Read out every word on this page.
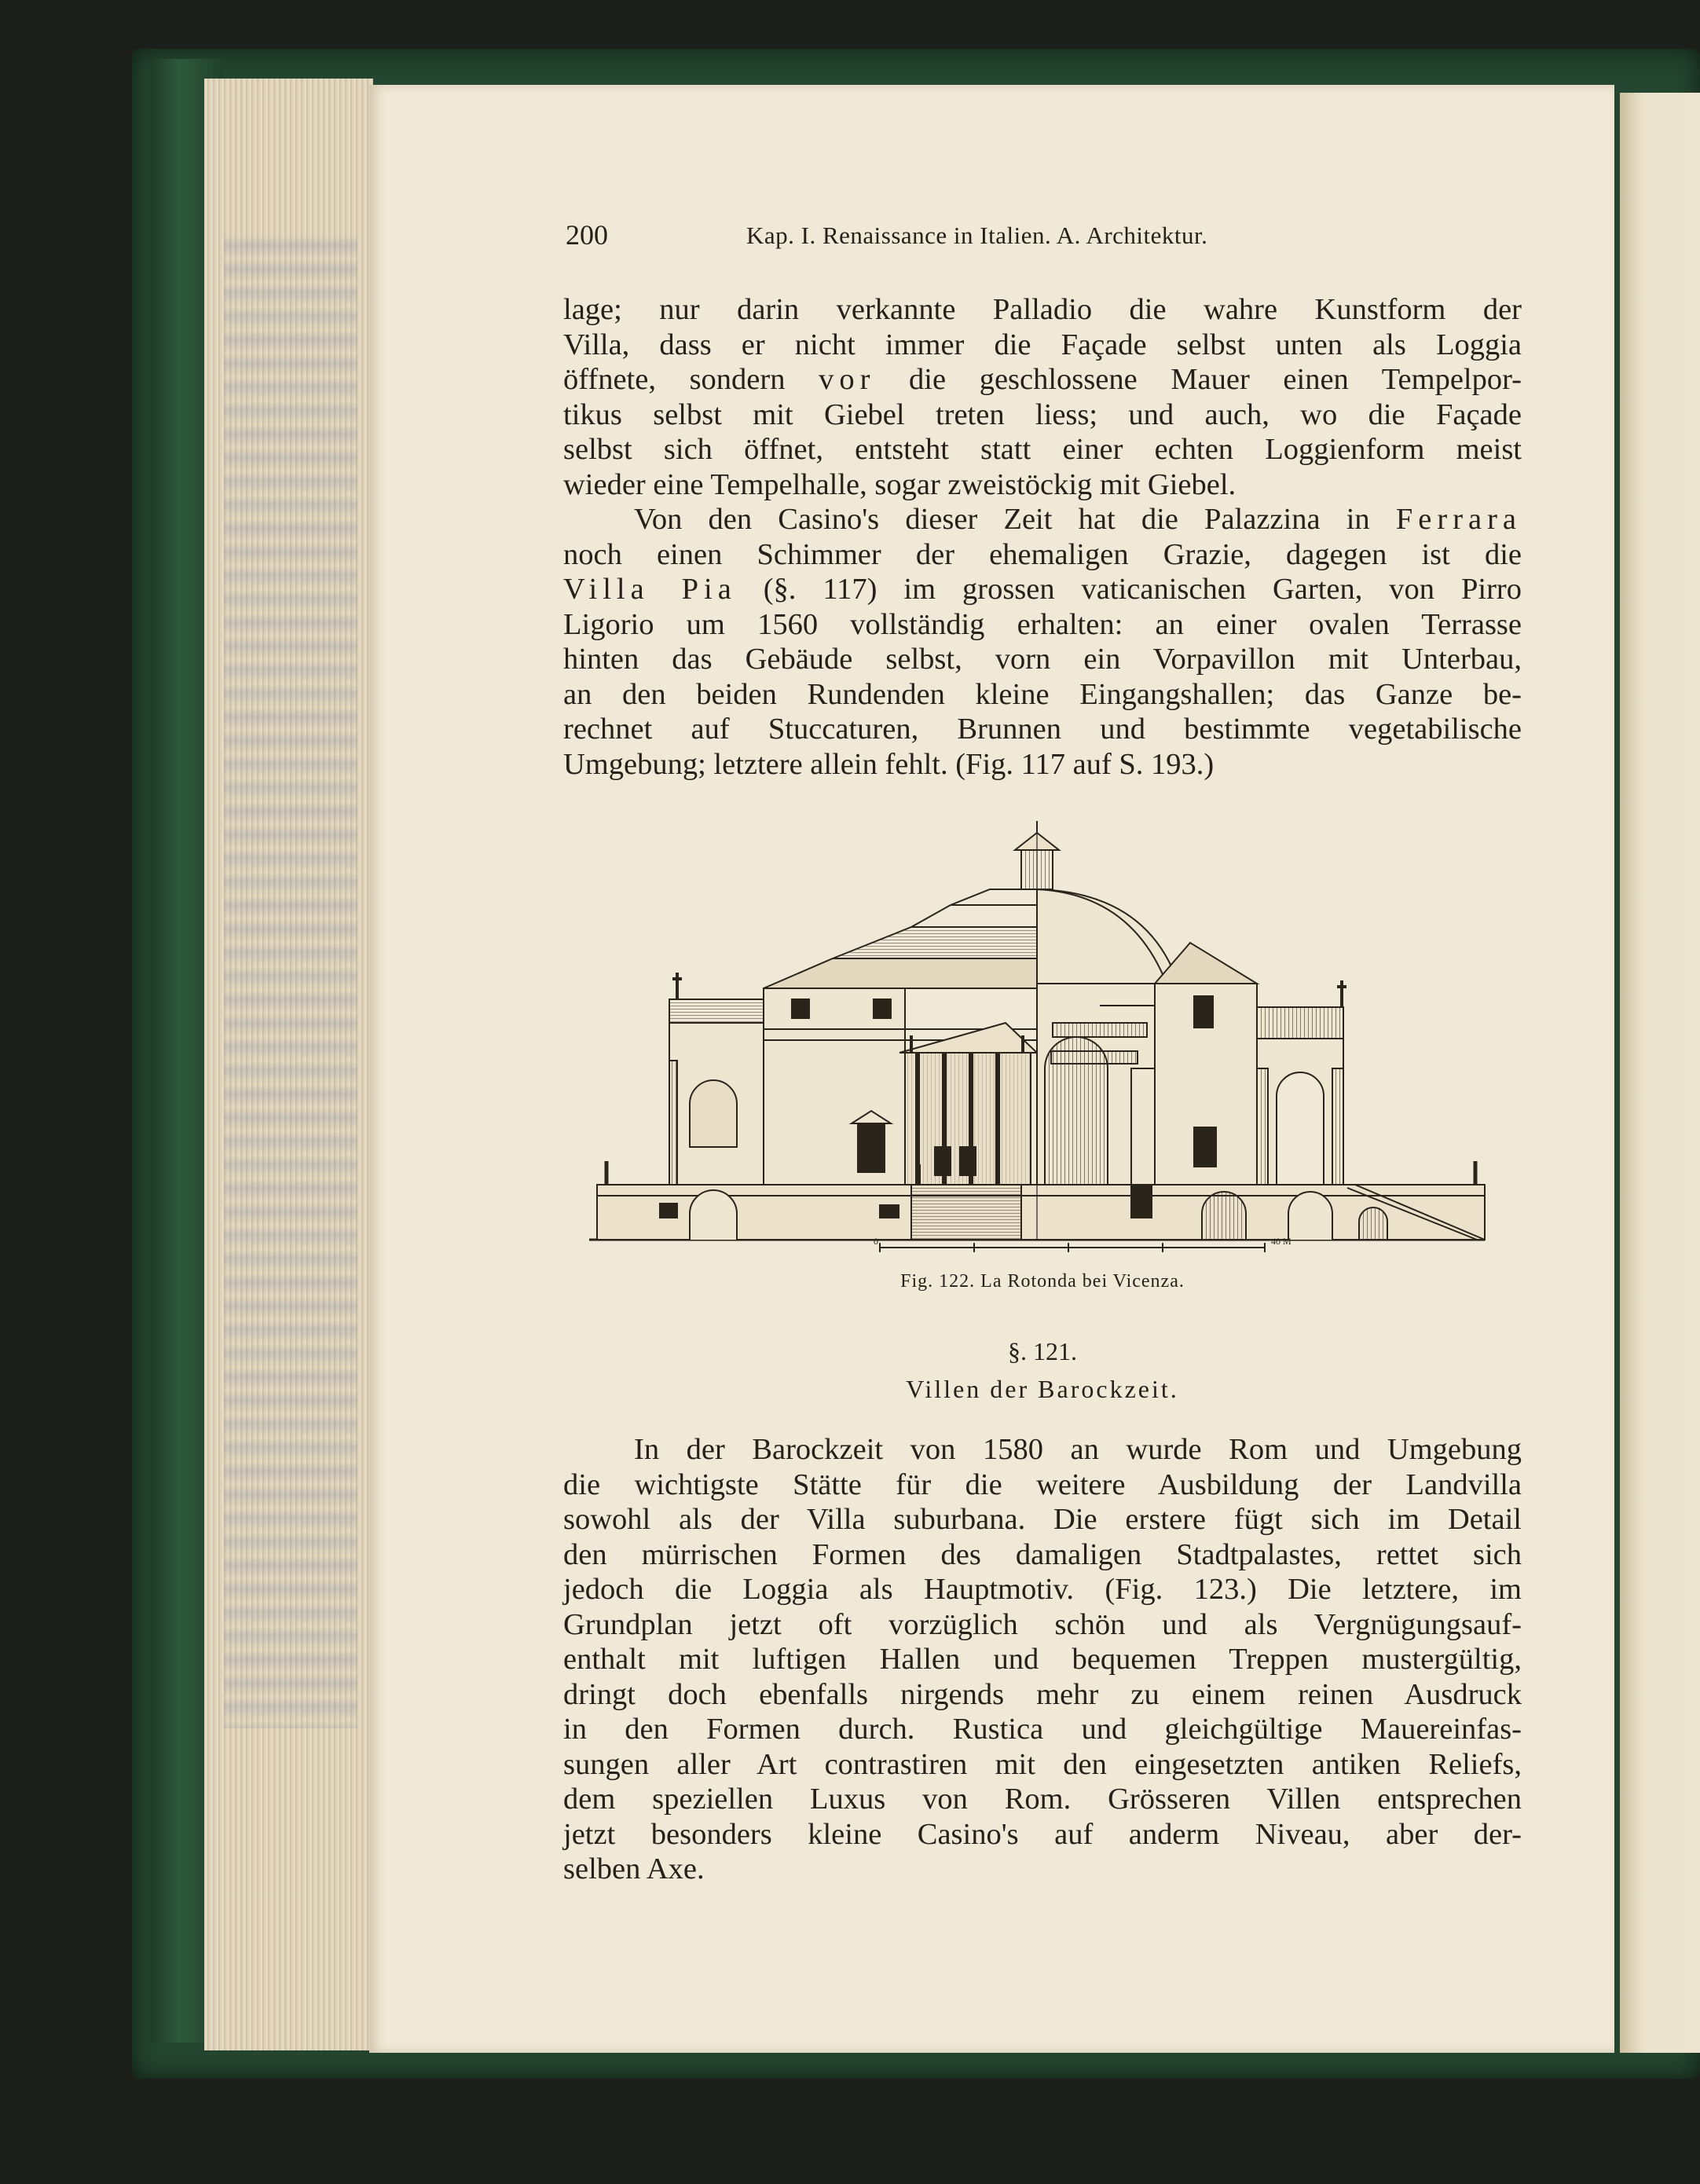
200	Kap. I. Renaissance in Italien. A. Architektur.
lage; nur darin verkannte Palladio die wahre Kunstform der
Villa, dass er nicht immer die Façade selbst unten als Loggia
öffnete, sondern vor die geschlossene Mauer einen Tempelpor-
tikus selbst mit Giebel treten liess; und auch, wo die Façade
selbst sich öffnet, entsteht statt einer echten Loggienform meist
wieder eine Tempelhalle, sogar zweistöckig mit Giebel.
Von den Casino's dieser Zeit hat die Palazzina in Ferrara
noch einen Schimmer der ehemaligen Grazie, dagegen ist die
Villa Pia (§. 117) im grossen vaticanischen Garten, von Pirro
Ligorio um 1560 vollständig erhalten: an einer ovalen Terrasse
hinten das Gebäude selbst, vorn ein Vorpavillon mit Unterbau,
an den beiden Rundenden kleine Eingangshallen; das Ganze be-
rechnet auf Stuccaturen, Brunnen und bestimmte vegetabilische
Umgebung; letztere allein fehlt. (Fig. 117 auf S. 193.)
0	40 M
Fig. 122. La Rotonda bei Vicenza.
§. 121.
Villen der Barockzeit.
In der Barockzeit von 1580 an wurde Rom und Umgebung
die wichtigste Stätte für die weitere Ausbildung der Landvilla
sowohl als der Villa suburbana. Die erstere fügt sich im Detail
den mürrischen Formen des damaligen Stadtpalastes, rettet sich
jedoch die Loggia als Hauptmotiv. (Fig. 123.) Die letztere, im
Grundplan jetzt oft vorzüglich schön und als Vergnügungsauf-
enthalt mit luftigen Hallen und bequemen Treppen mustergültig,
dringt doch ebenfalls nirgends mehr zu einem reinen Ausdruck
in den Formen durch. Rustica und gleichgültige Mauereinfas-
sungen aller Art contrastiren mit den eingesetzten antiken Reliefs,
dem speziellen Luxus von Rom. Grösseren Villen entsprechen
jetzt besonders kleine Casino's auf anderm Niveau, aber der-
selben Axe.
